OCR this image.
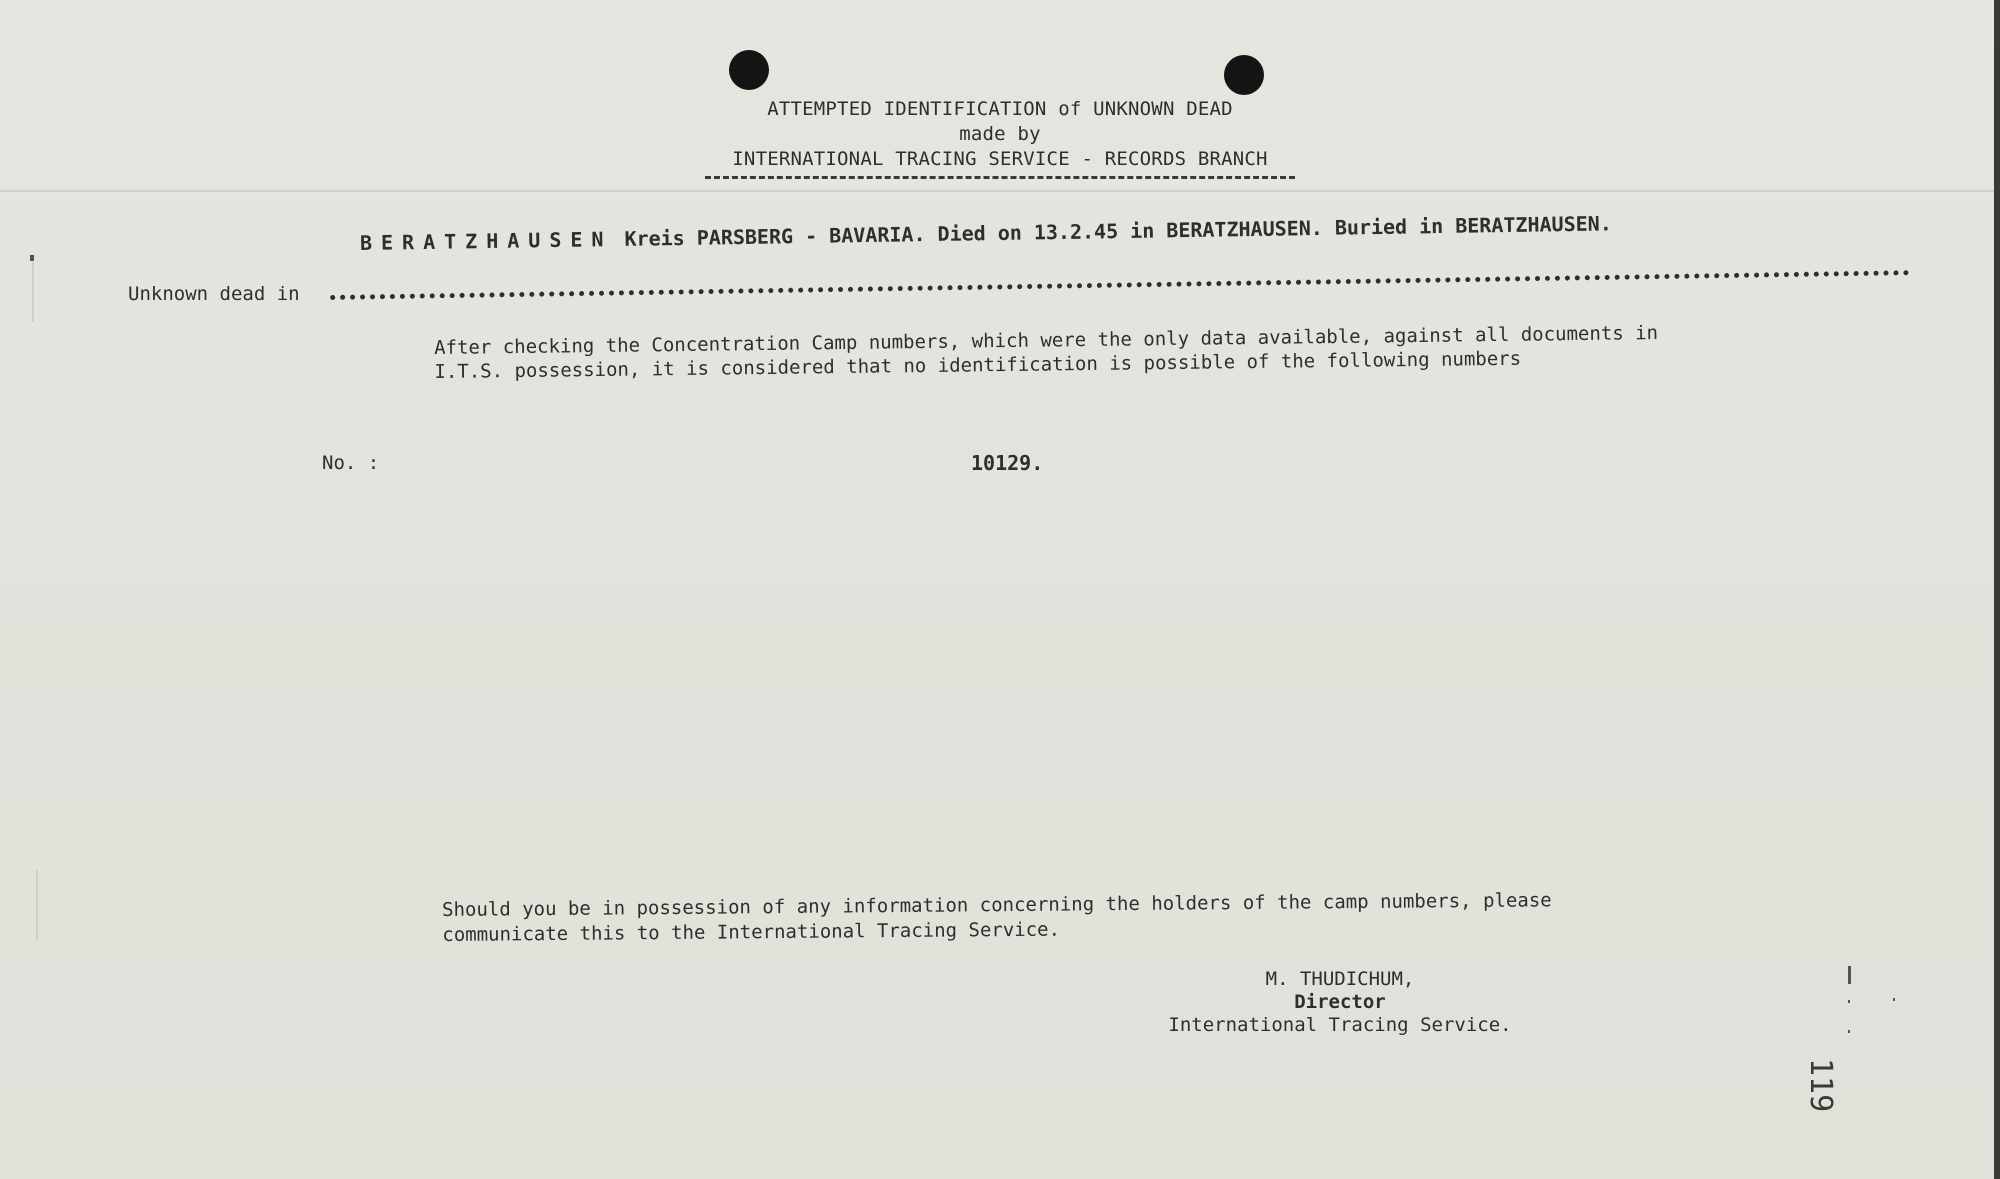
ATTEMPTED IDENTIFICATION of UNKNOWN DEAD
made by
INTERNATIONAL TRACING SERVICE - RECORDS BRANCH
BERATZHAUSEN Kreis PARSBERG - BAVARIA. Died on 13.2.45 in BERATZHAUSEN. Buried in BERATZHAUSEN.
Unknown dead in
After checking the Concentration Camp numbers, which were the only data available, against all documents in I.T.S. possession, it is considered that no identification is possible of the following numbers
No. :	10129.
Should you be in possession of any information concerning the holders of the camp numbers, please communicate this to the International Tracing Service.
M. THUDICHUM,
Director
International Tracing Service.
119
